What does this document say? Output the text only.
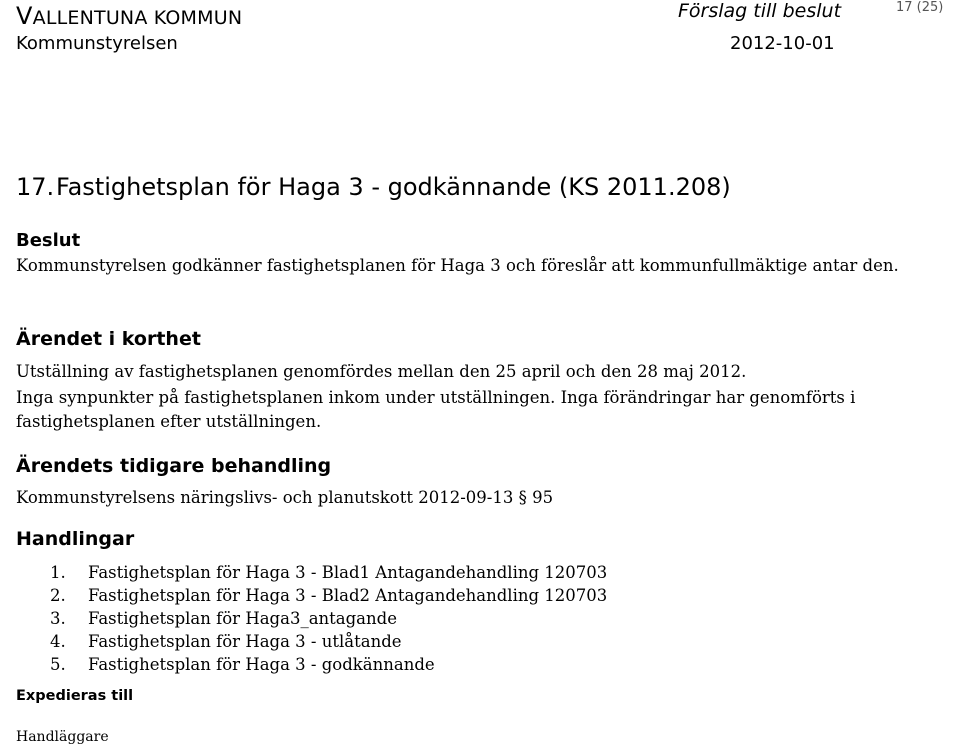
VALLENTUNA KOMMUN
Kommunstyrelsen
Förslag till beslut
2012-10-01
17 (25)
17.Fastighetsplan för Haga 3 - godkännande (KS 2011.208)
Beslut
Kommunstyrelsen godkänner fastighetsplanen för Haga 3 och föreslår att kommunfullmäktige antar den.
Ärendet i korthet
Utställning av fastighetsplanen genomfördes mellan den 25 april och den 28 maj 2012.
Inga synpunkter på fastighetsplanen inkom under utställningen. Inga förändringar har genomförts i fastighetsplanen efter utställningen.
Ärendets tidigare behandling
Kommunstyrelsens näringslivs- och planutskott 2012-09-13 § 95
Handlingar
1. Fastighetsplan för Haga 3 - Blad1 Antagandehandling 120703
2. Fastighetsplan för Haga 3 - Blad2 Antagandehandling 120703
3. Fastighetsplan för Haga3_antagande
4. Fastighetsplan för Haga 3 - utlåtande
5. Fastighetsplan för Haga 3 - godkännande
Expedieras till
Handläggare
